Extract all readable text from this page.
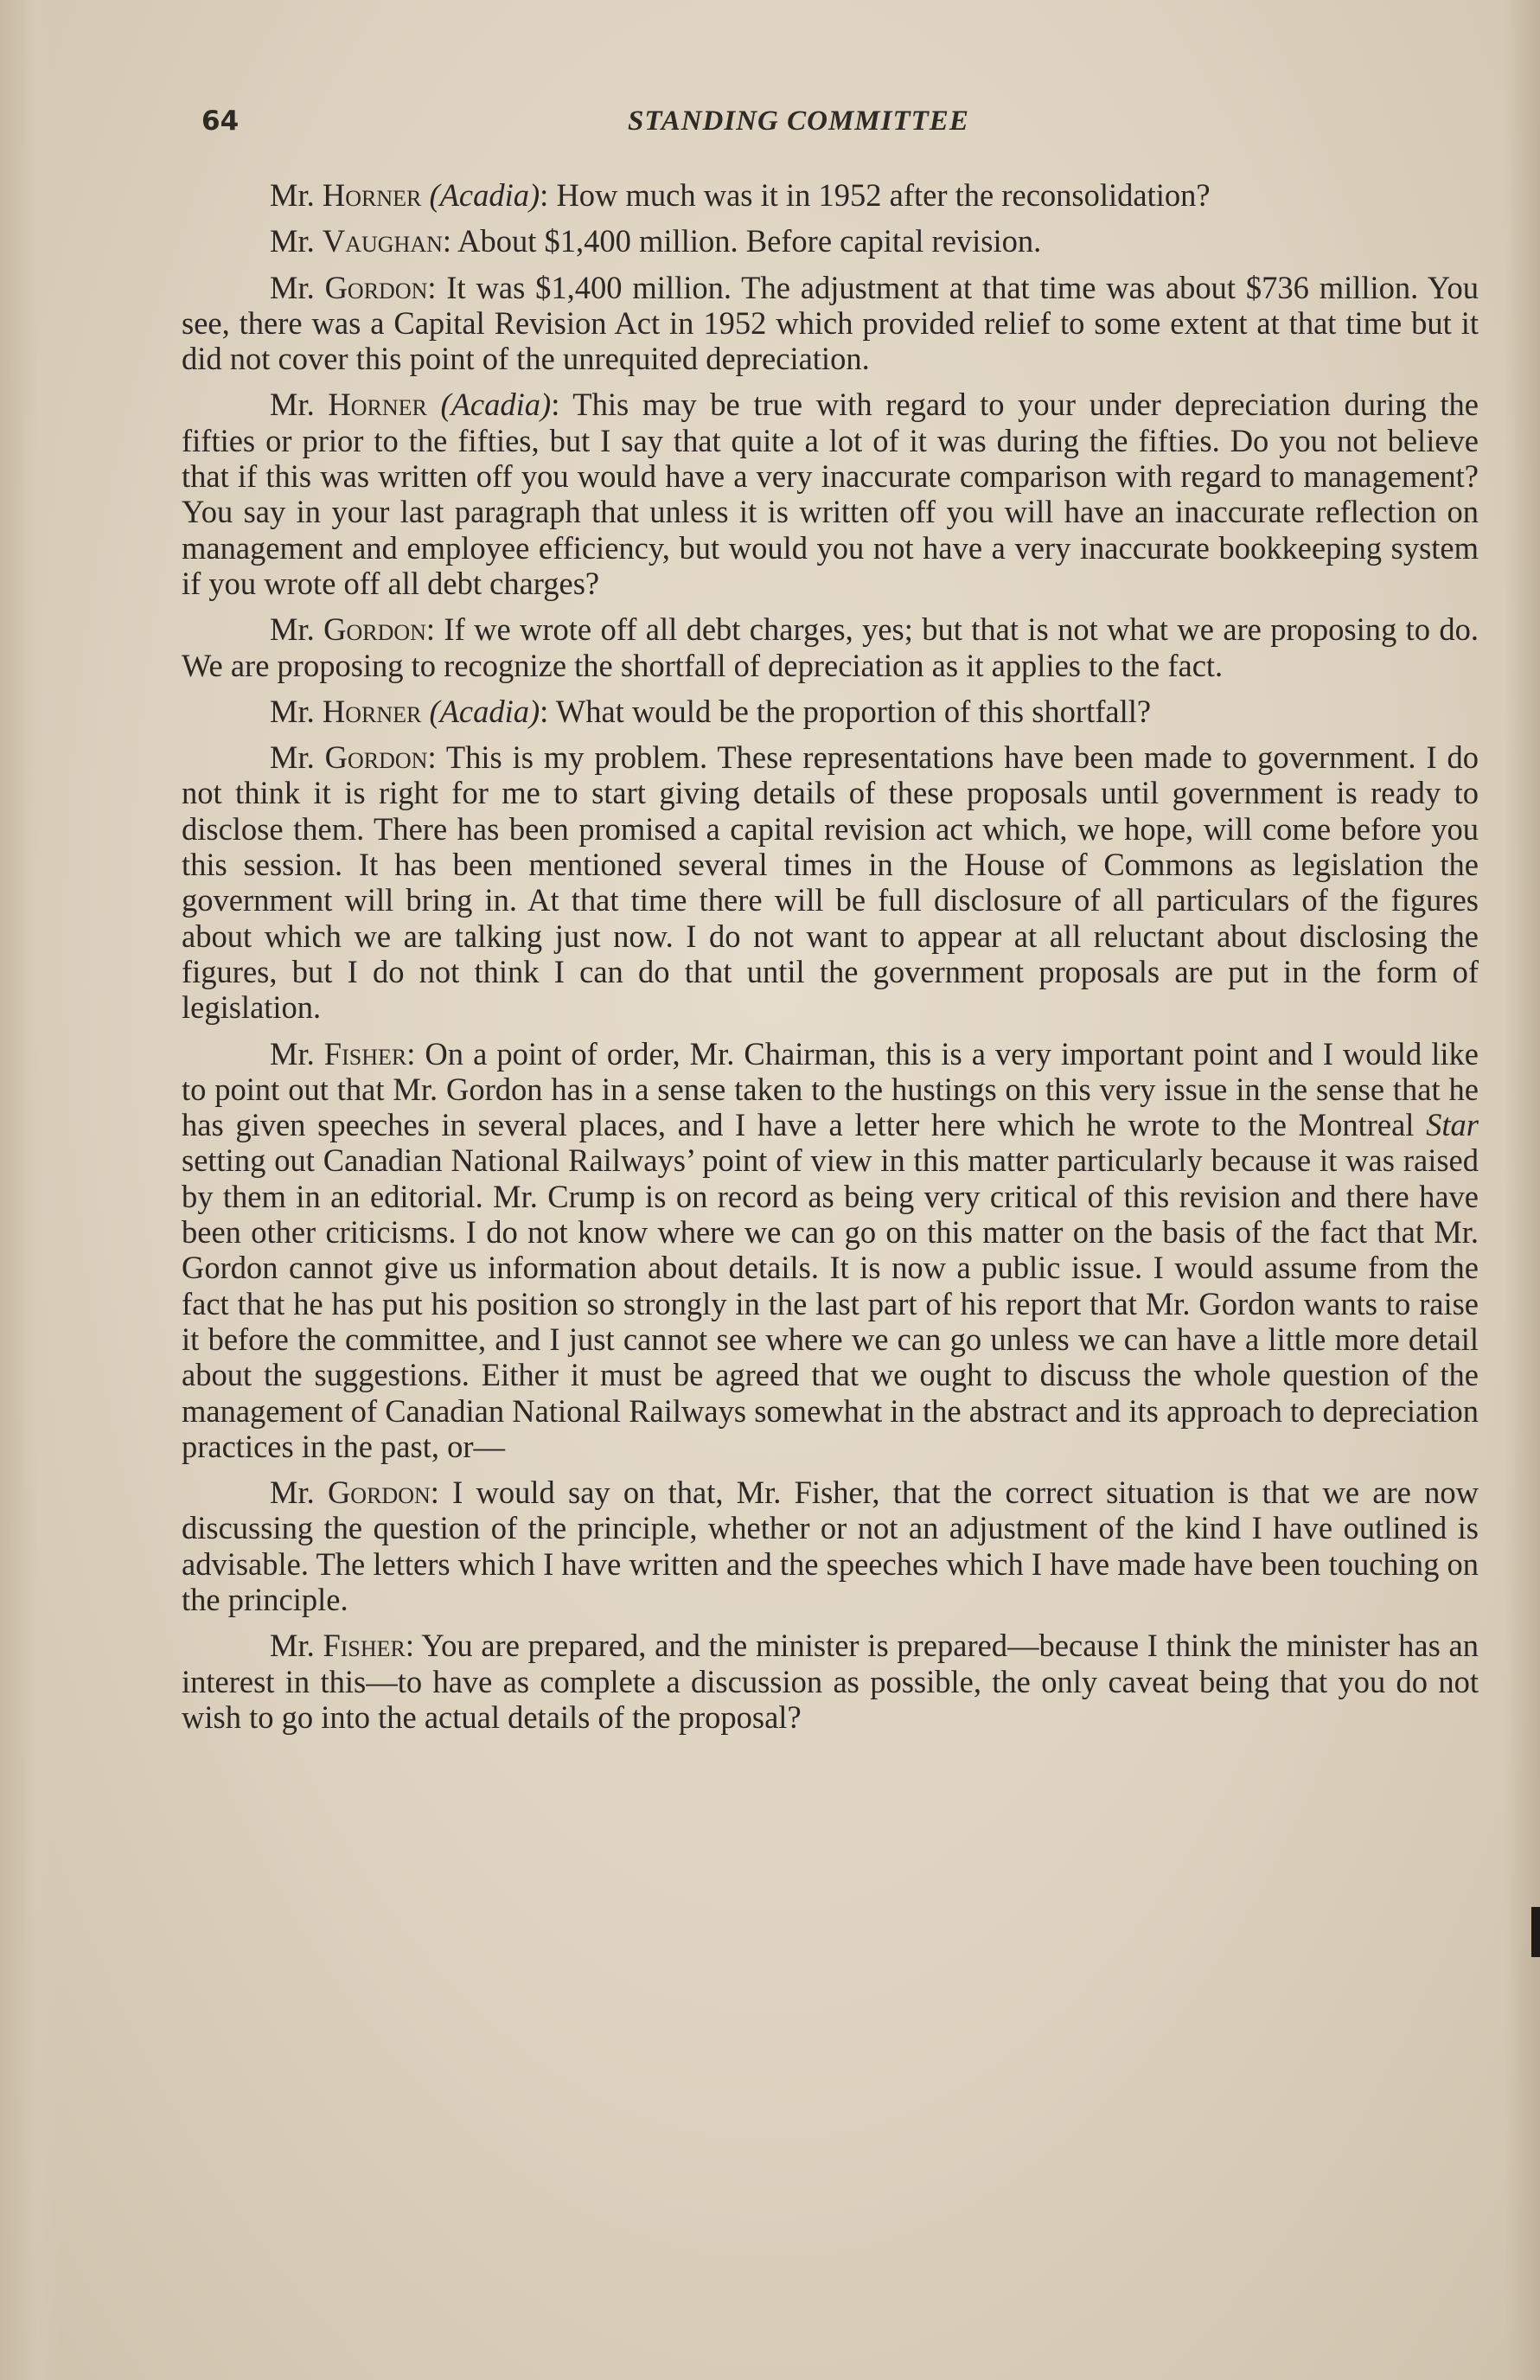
64	STANDING COMMITTEE

Mr. Horner (Acadia): How much was it in 1952 after the reconsolidation?

Mr. Vaughan: About $1,400 million. Before capital revision.

Mr. Gordon: It was $1,400 million. The adjustment at that time was about $736 million. You see, there was a Capital Revision Act in 1952 which provided relief to some extent at that time but it did not cover this point of the unrequited depreciation.

Mr. Horner (Acadia): This may be true with regard to your under depreciation during the fifties or prior to the fifties, but I say that quite a lot of it was during the fifties. Do you not believe that if this was written off you would have a very inaccurate comparison with regard to management? You say in your last paragraph that unless it is written off you will have an inaccurate reflection on management and employee efficiency, but would you not have a very inaccurate bookkeeping system if you wrote off all debt charges?

Mr. Gordon: If we wrote off all debt charges, yes; but that is not what we are proposing to do. We are proposing to recognize the shortfall of depreciation as it applies to the fact.

Mr. Horner (Acadia): What would be the proportion of this shortfall?

Mr. Gordon: This is my problem. These representations have been made to government. I do not think it is right for me to start giving details of these proposals until government is ready to disclose them. There has been promised a capital revision act which, we hope, will come before you this session. It has been mentioned several times in the House of Commons as legislation the government will bring in. At that time there will be full disclosure of all particulars of the figures about which we are talking just now. I do not want to appear at all reluctant about disclosing the figures, but I do not think I can do that until the government proposals are put in the form of legislation.

Mr. Fisher: On a point of order, Mr. Chairman, this is a very important point and I would like to point out that Mr. Gordon has in a sense taken to the hustings on this very issue in the sense that he has given speeches in several places, and I have a letter here which he wrote to the Montreal Star setting out Canadian National Railways’ point of view in this matter particularly because it was raised by them in an editorial. Mr. Crump is on record as being very critical of this revision and there have been other criticisms. I do not know where we can go on this matter on the basis of the fact that Mr. Gordon cannot give us information about details. It is now a public issue. I would assume from the fact that he has put his position so strongly in the last part of his report that Mr. Gordon wants to raise it before the committee, and I just cannot see where we can go unless we can have a little more detail about the suggestions. Either it must be agreed that we ought to discuss the whole question of the management of Canadian National Railways somewhat in the abstract and its approach to depreciation practices in the past, or—

Mr. Gordon: I would say on that, Mr. Fisher, that the correct situation is that we are now discussing the question of the principle, whether or not an adjustment of the kind I have outlined is advisable. The letters which I have written and the speeches which I have made have been touching on the principle.

Mr. Fisher: You are prepared, and the minister is prepared—because I think the minister has an interest in this—to have as complete a discussion as possible, the only caveat being that you do not wish to go into the actual details of the proposal?
